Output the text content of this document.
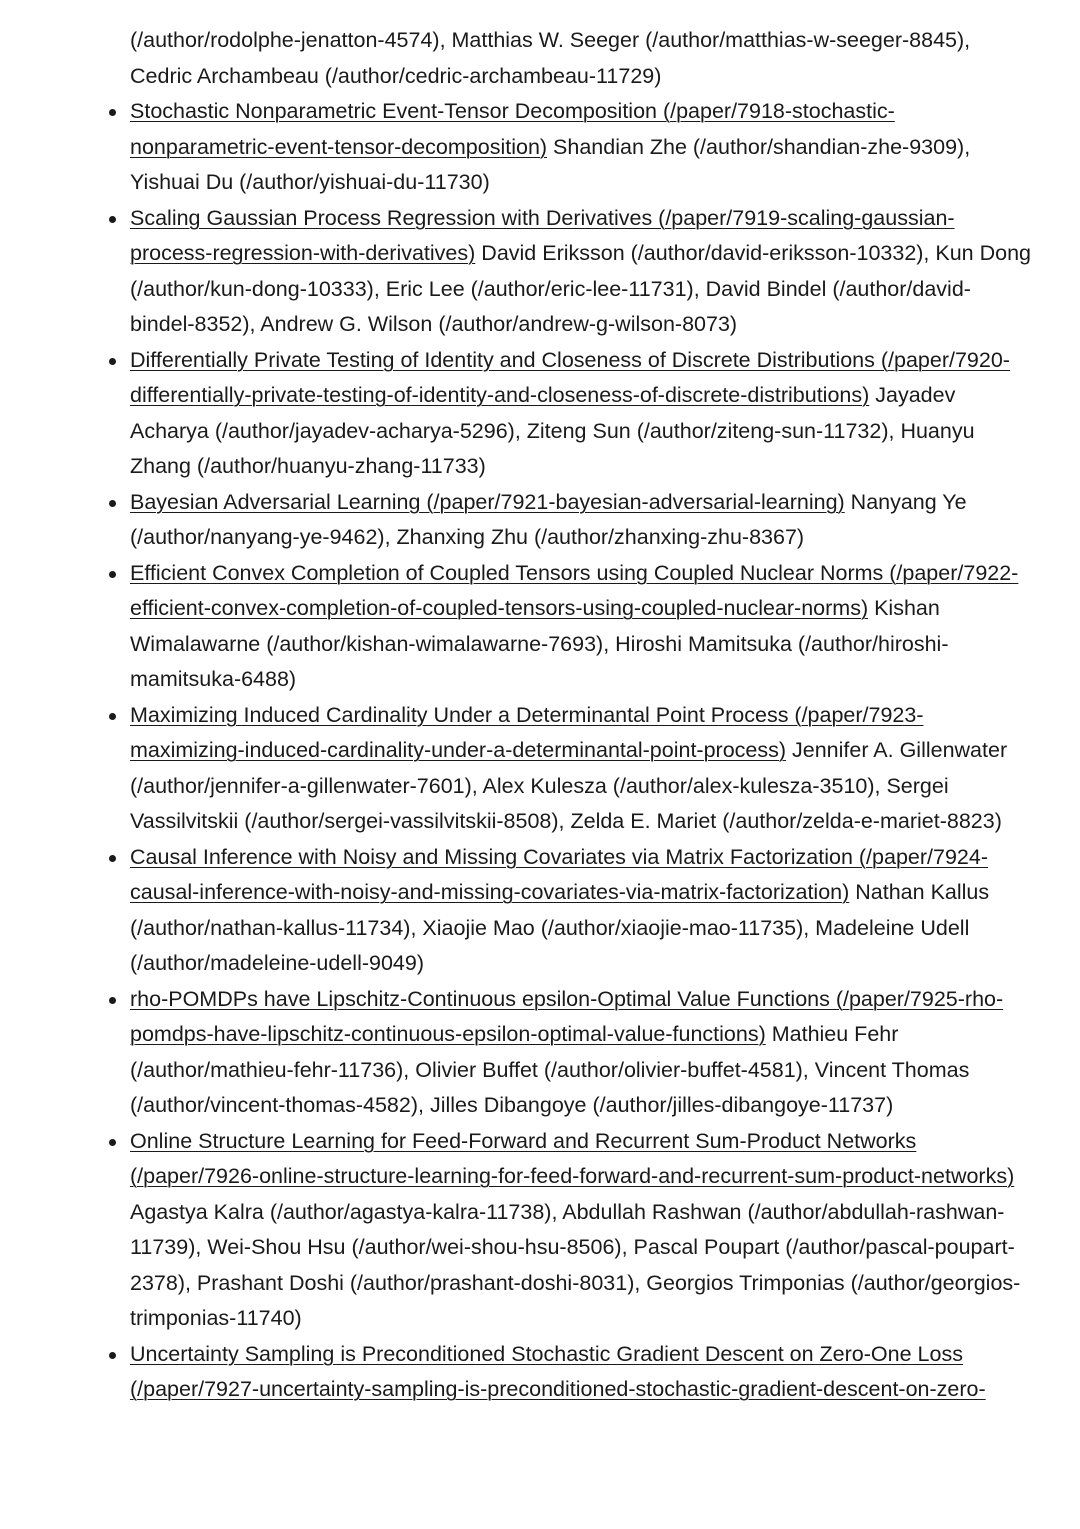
(/author/rodolphe-jenatton-4574), Matthias W. Seeger (/author/matthias-w-seeger-8845), Cedric Archambeau (/author/cedric-archambeau-11729)
Stochastic Nonparametric Event-Tensor Decomposition (/paper/7918-stochastic-nonparametric-event-tensor-decomposition) Shandian Zhe (/author/shandian-zhe-9309), Yishuai Du (/author/yishuai-du-11730)
Scaling Gaussian Process Regression with Derivatives (/paper/7919-scaling-gaussian-process-regression-with-derivatives) David Eriksson (/author/david-eriksson-10332), Kun Dong (/author/kun-dong-10333), Eric Lee (/author/eric-lee-11731), David Bindel (/author/david-bindel-8352), Andrew G. Wilson (/author/andrew-g-wilson-8073)
Differentially Private Testing of Identity and Closeness of Discrete Distributions (/paper/7920-differentially-private-testing-of-identity-and-closeness-of-discrete-distributions) Jayadev Acharya (/author/jayadev-acharya-5296), Ziteng Sun (/author/ziteng-sun-11732), Huanyu Zhang (/author/huanyu-zhang-11733)
Bayesian Adversarial Learning (/paper/7921-bayesian-adversarial-learning) Nanyang Ye (/author/nanyang-ye-9462), Zhanxing Zhu (/author/zhanxing-zhu-8367)
Efficient Convex Completion of Coupled Tensors using Coupled Nuclear Norms (/paper/7922-efficient-convex-completion-of-coupled-tensors-using-coupled-nuclear-norms) Kishan Wimalawarne (/author/kishan-wimalawarne-7693), Hiroshi Mamitsuka (/author/hiroshi-mamitsuka-6488)
Maximizing Induced Cardinality Under a Determinantal Point Process (/paper/7923-maximizing-induced-cardinality-under-a-determinantal-point-process) Jennifer A. Gillenwater (/author/jennifer-a-gillenwater-7601), Alex Kulesza (/author/alex-kulesza-3510), Sergei Vassilvitskii (/author/sergei-vassilvitskii-8508), Zelda E. Mariet (/author/zelda-e-mariet-8823)
Causal Inference with Noisy and Missing Covariates via Matrix Factorization (/paper/7924-causal-inference-with-noisy-and-missing-covariates-via-matrix-factorization) Nathan Kallus (/author/nathan-kallus-11734), Xiaojie Mao (/author/xiaojie-mao-11735), Madeleine Udell (/author/madeleine-udell-9049)
rho-POMDPs have Lipschitz-Continuous epsilon-Optimal Value Functions (/paper/7925-rho-pomdps-have-lipschitz-continuous-epsilon-optimal-value-functions) Mathieu Fehr (/author/mathieu-fehr-11736), Olivier Buffet (/author/olivier-buffet-4581), Vincent Thomas (/author/vincent-thomas-4582), Jilles Dibangoye (/author/jilles-dibangoye-11737)
Online Structure Learning for Feed-Forward and Recurrent Sum-Product Networks (/paper/7926-online-structure-learning-for-feed-forward-and-recurrent-sum-product-networks) Agastya Kalra (/author/agastya-kalra-11738), Abdullah Rashwan (/author/abdullah-rashwan-11739), Wei-Shou Hsu (/author/wei-shou-hsu-8506), Pascal Poupart (/author/pascal-poupart-2378), Prashant Doshi (/author/prashant-doshi-8031), Georgios Trimponias (/author/georgios-trimponias-11740)
Uncertainty Sampling is Preconditioned Stochastic Gradient Descent on Zero-One Loss (/paper/7927-uncertainty-sampling-is-preconditioned-stochastic-gradient-descent-on-zero-
